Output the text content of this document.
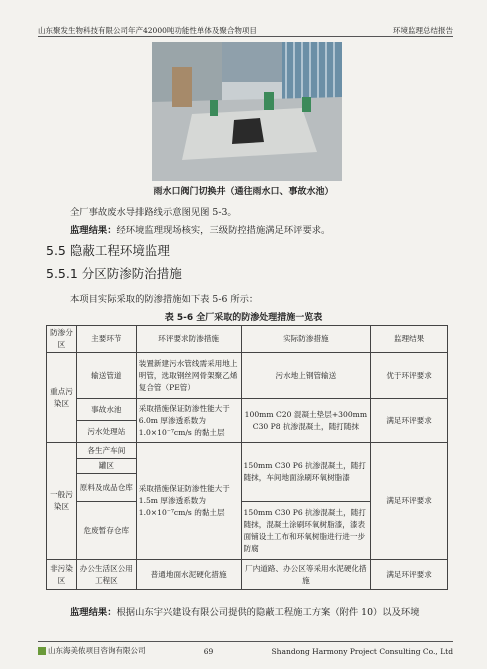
山东聚发生物科技有限公司年产42000吨功能性单体及聚合物项目	环境监理总结报告
雨水口阀门切换井（通往雨水口、事故水池）
全厂事故废水导排路线示意图见图 5-3。
监理结果：经环境监理现场核实，三级防控措施满足环评要求。
5.5 隐蔽工程环境监理
5.5.1 分区防渗防治措施
本项目实际采取的防渗措施如下表 5-6 所示：
表 5-6 全厂采取的防渗处理措施一览表
防渗分区	主要环节	环评要求防渗措施	实际防渗措施	监理结果
重点污染区	输送管道	装置新建污水管线需采用地上明管，选取钢丝网骨架聚乙烯复合管（PE管）	污水地上钢管输送	优于环评要求
	事故水池	采取措施保证防渗性能大于 6.0m 厚渗透系数为 1.0×10⁻⁷cm/s 的黏土层	100mm C20 混凝土垫层+300mm C30 P8 抗渗混凝土，随打随抹	满足环评要求
	污水处理站			
一般污染区	各生产车间	采取措施保证防渗性能大于 1.5m 厚渗透系数为 1.0×10⁻⁷cm/s 的黏土层	150mm C30 P6 抗渗混凝土，随打随抹，车间地面涂刷环氧树脂漆	满足环评要求
	罐区			
	原料及成品仓库			
	危废暂存仓库		150mm C30 P6 抗渗混凝土，随打随抹，混凝土涂刷环氧树脂漆，漆表面铺设土工布和环氧树脂进行进一步防腐	
非污染区	办公生活区公用工程区	普通地面水泥硬化措施	厂内道路、办公区等采用水泥硬化措施	满足环评要求
监理结果：根据山东宇兴建设有限公司提供的隐蔽工程施工方案（附件 10）以及环境
山东海美侬项目咨询有限公司	69	Shandong Harmony Project Consulting Co., Ltd
